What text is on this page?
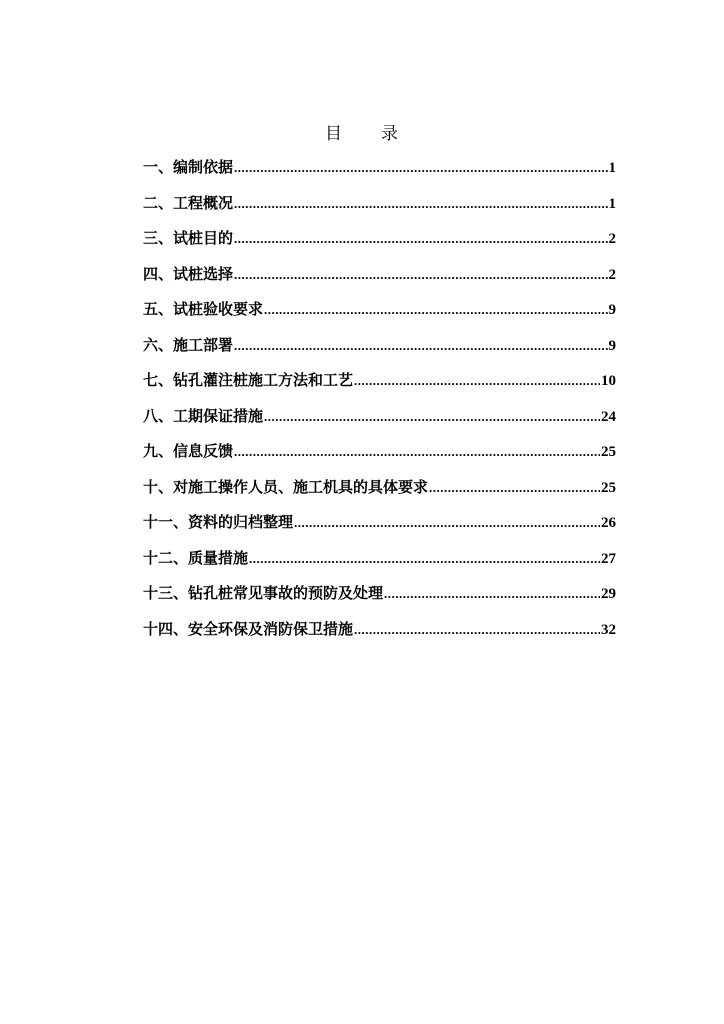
目 录
一、编制依据 .....	1
二、工程概况 .....	1
三、试桩目的 .....	2
四、试桩选择 .....	2
五、试桩验收要求 .....	9
六、施工部署 .....	9
七、钻孔灌注桩施工方法和工艺 .....	10
八、工期保证措施 .....	24
九、信息反馈 .....	25
十、对施工操作人员、施工机具的具体要求 .....	25
十一、资料的归档整理 .....	26
十二、质量措施 .....	27
十三、钻孔桩常见事故的预防及处理 .....	29
十四、安全环保及消防保卫措施 .....	32
